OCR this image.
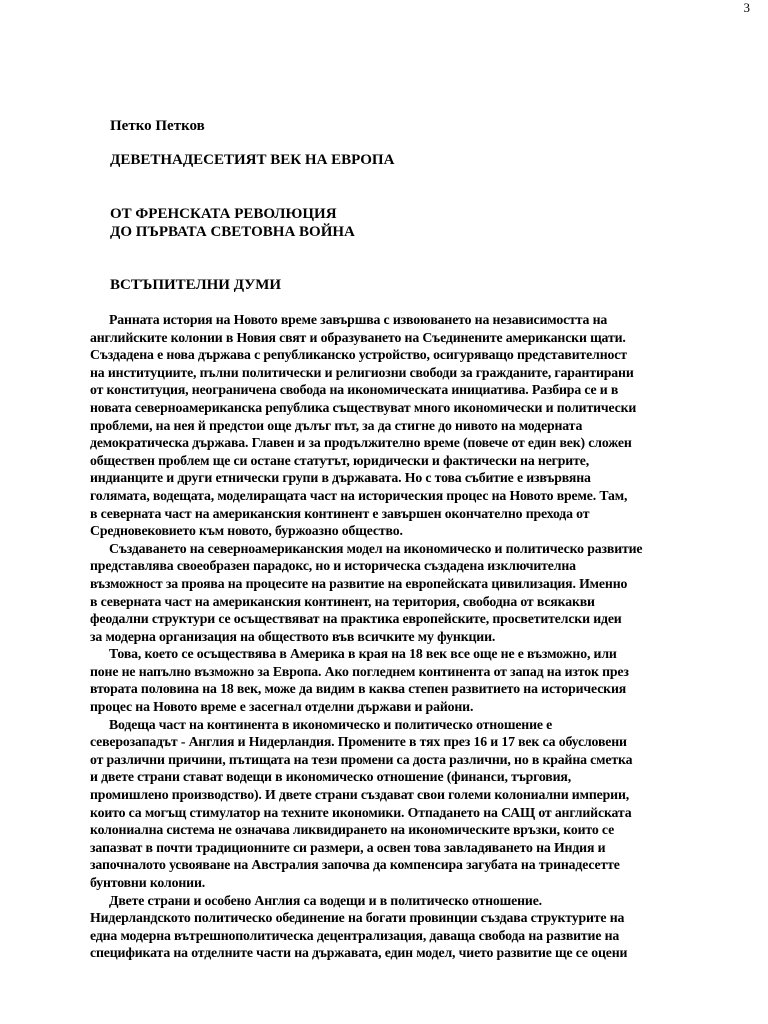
3
Петко Петков
ДЕВЕТНАДЕСЕТИЯТ ВЕК НА ЕВРОПА
ОТ ФРЕНСКАТА РЕВОЛЮЦИЯ
ДО ПЪРВАТА СВЕТОВНА ВОЙНА
ВСТЪПИТЕЛНИ ДУМИ
Ранната история на Новото време завършва с извоюването на независимостта на
английските колонии в Новия свят и образуването на Съединените американски щати.
Създадена е нова държава с републиканско устройство, осигуряващо представителност
на институциите, пълни политически и религиозни свободи за гражданите, гарантирани
от конституция, неограничена свобода на икономическата инициатива. Разбира се и в
новата северноамериканска република съществуват много икономически и политически
проблеми, на нея й предстои още дълъг път, за да стигне до нивото на модерната
демократическа държава. Главен и за продължително време (повече от един век) сложен
обществен проблем ще си остане статутът, юридически и фактически на негрите,
индианците и други етнически групи в държавата. Но с това събитие е извървяна
голямата, водещата, моделиращата част на историческия процес на Новото време. Там,
в северната част на американския континент е завършен окончателно прехода от
Средновековието към новото, буржоазно общество.
Създаването на северноамериканския модел на икономическо и политическо развитие
представлява своеобразен парадокс, но и историческа създадена изключителна
възможност за проява на процесите на развитие на европейската цивилизация. Именно
в северната част на американския континент, на територия, свободна от всякакви
феодални структури се осъществяват на практика европейските, просветителски идеи
за модерна организация на обществото във всичките му функции.
Това, което се осъществява в Америка в края на 18 век все още не е възможно, или
поне не напълно възможно за Европа. Ако погледнем континента от запад на изток през
втората половина на 18 век, може да видим в каква степен развитието на историческия
процес на Новото време е засегнал отделни държави и райони.
Водеща част на континента в икономическо и политическо отношение е
северозападът - Англия и Нидерландия. Промените в тях през 16 и 17 век са обусловени
от различни причини, пътищата на тези промени са доста различни, но в крайна сметка
и двете страни стават водещи в икономическо отношение (финанси, търговия,
промишлено производство). И двете страни създават свои големи колониални империи,
които са могъщ стимулатор на техните икономики. Отпадането на САЩ от английската
колониална система не означава ликвидирането на икономическите връзки, които се
запазват в почти традиционните си размери, а освен това завладяването на Индия и
започналото усвояване на Австралия започва да компенсира загубата на тринадесетте
бунтовни колонии.
Двете страни и особено Англия са водещи и в политическо отношение.
Нидерландското политическо обединение на богати провинции създава структурите на
една модерна вътрешнополитическа децентрализация, даваща свобода на развитие на
спецификата на отделните части на държавата, един модел, чието развитие ще се оцени
